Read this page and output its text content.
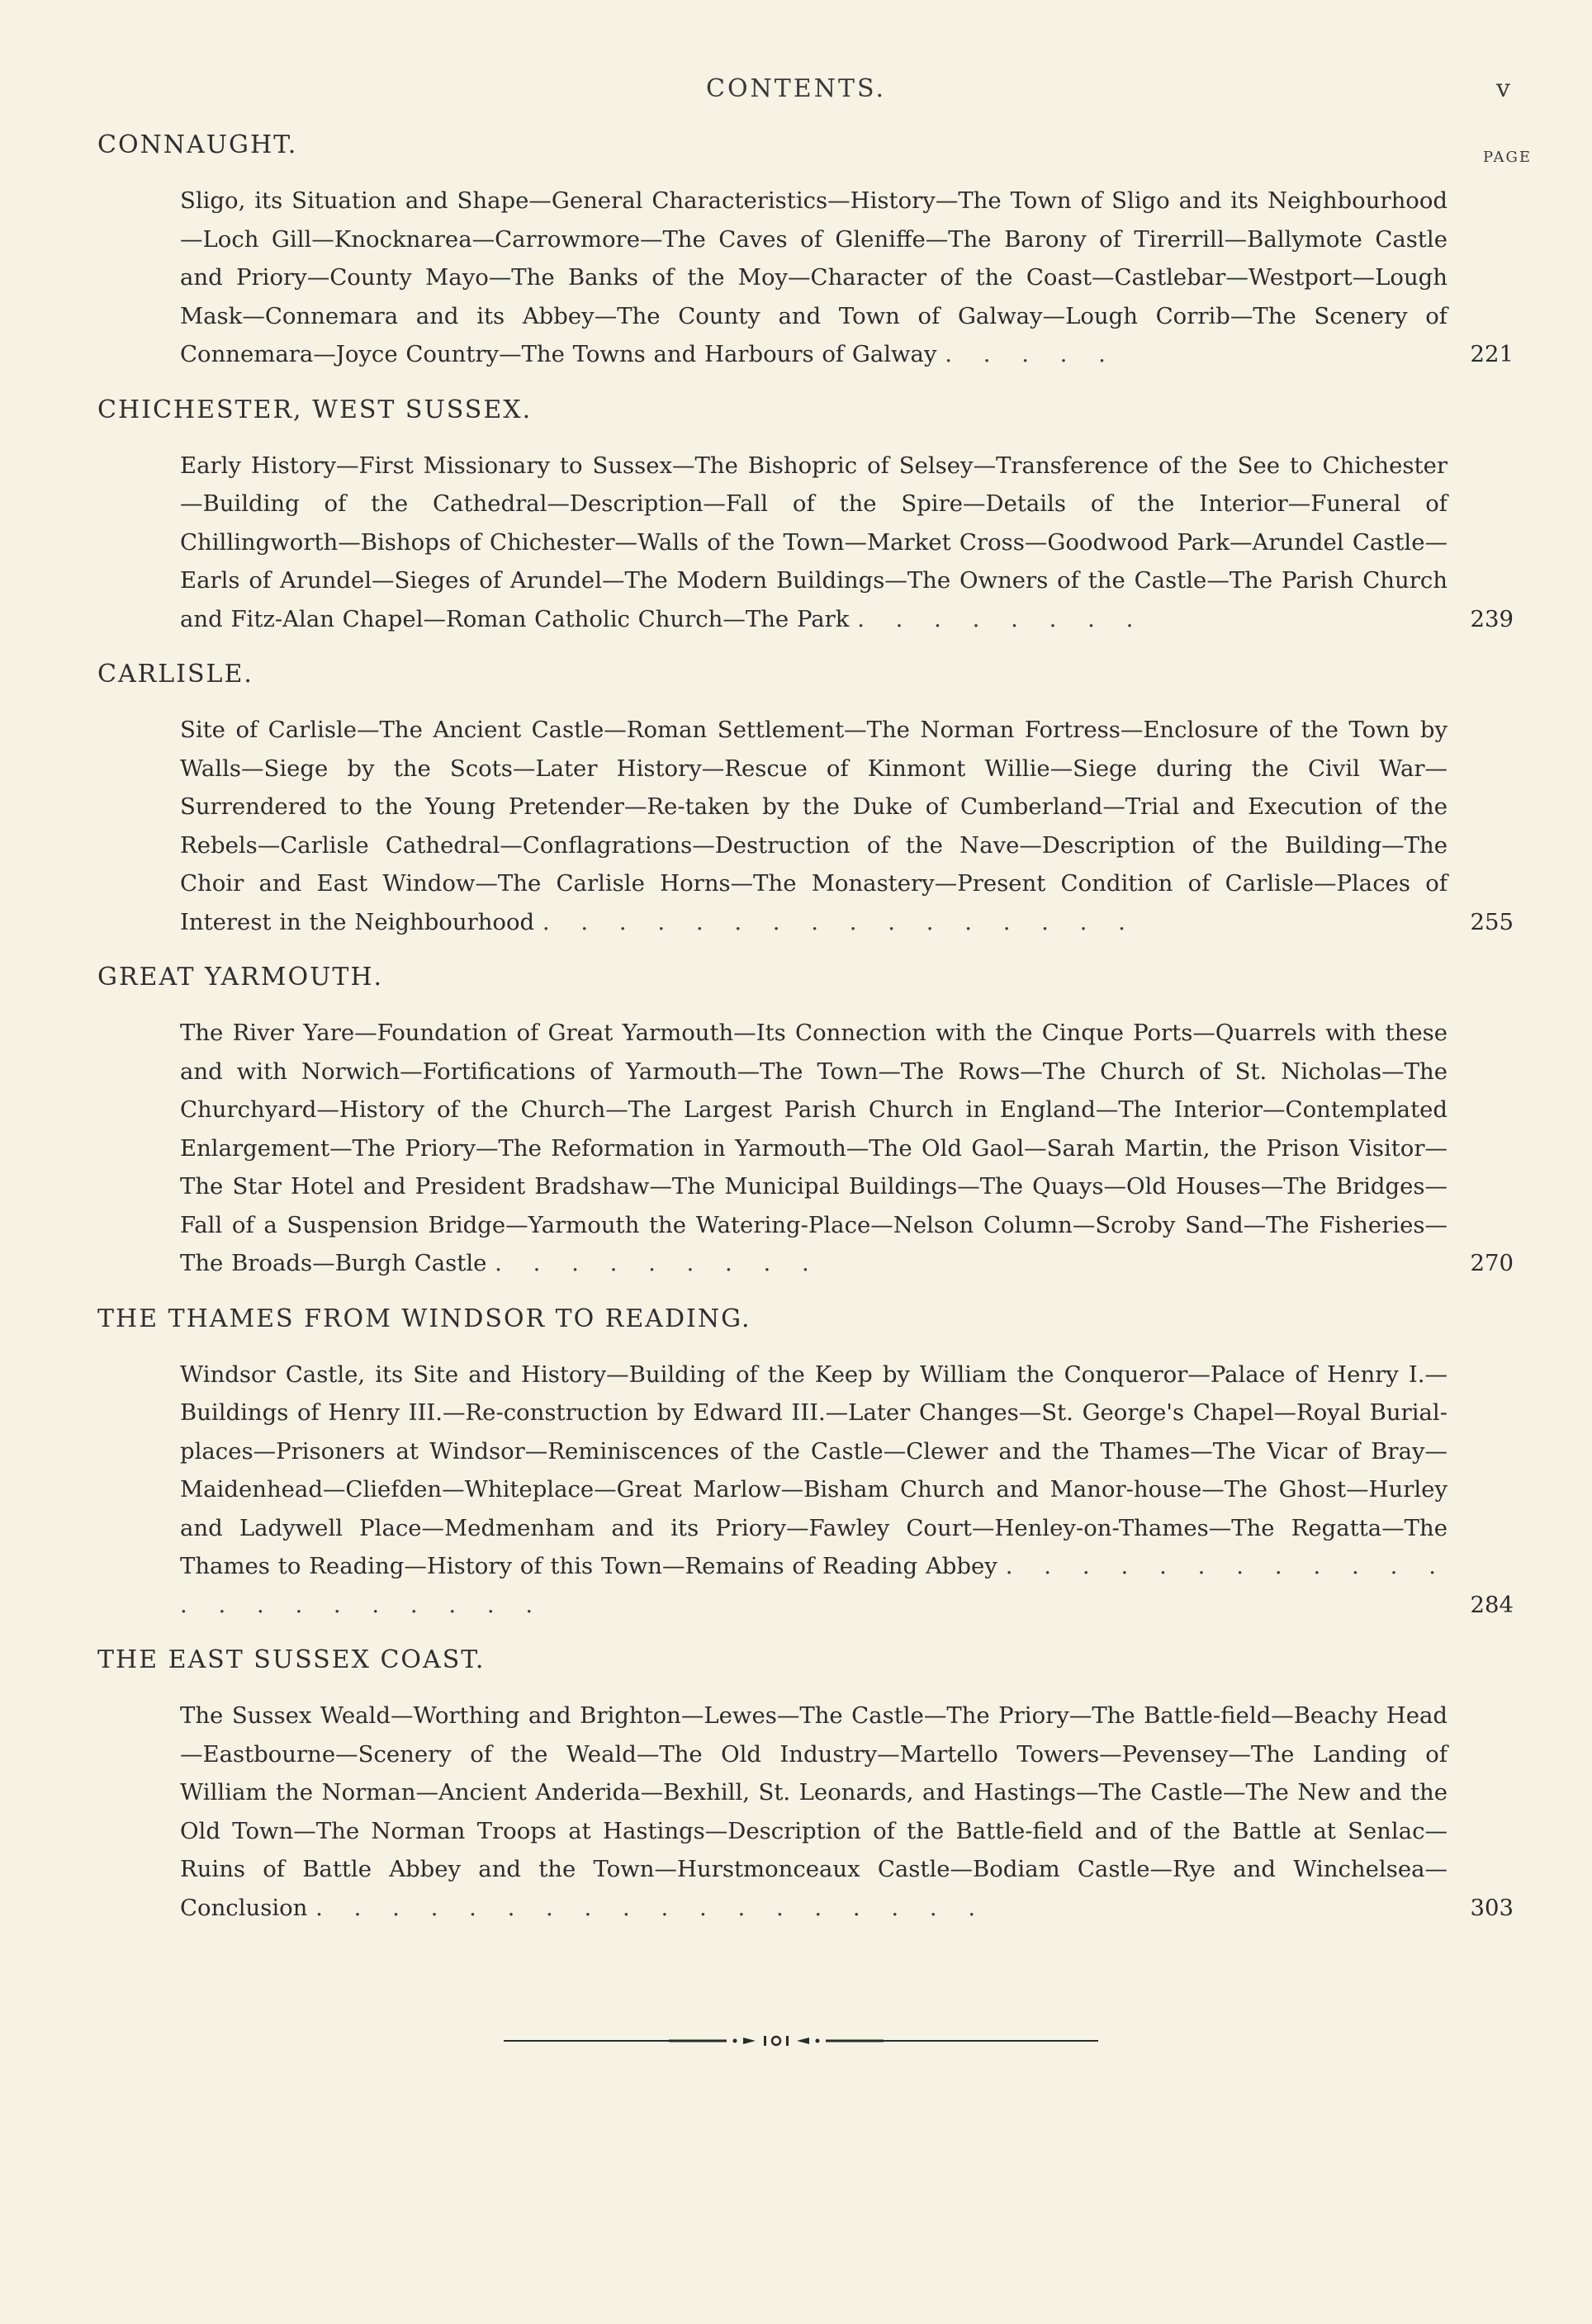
CONTENTS.	v
PAGE
CONNAUGHT.
Sligo, its Situation and Shape—General Characteristics—History—The Town of Sligo and its Neighbourhood—Loch Gill—Knocknarea—Carrowmore—The Caves of Gleniffe—The Barony of Tirerrill—Ballymote Castle and Priory—County Mayo—The Banks of the Moy—Character of the Coast—Castlebar—Westport—Lough Mask—Connemara and its Abbey—The County and Town of Galway—Lough Corrib—The Scenery of Connemara—Joyce Country—The Towns and Harbours of Galway . . . . .	221
CHICHESTER, WEST SUSSEX.
Early History—First Missionary to Sussex—The Bishopric of Selsey—Transference of the See to Chichester—Building of the Cathedral—Description—Fall of the Spire—Details of the Interior—Funeral of Chillingworth—Bishops of Chichester—Walls of the Town—Market Cross—Goodwood Park—Arundel Castle—Earls of Arundel—Sieges of Arundel—The Modern Buildings—The Owners of the Castle—The Parish Church and Fitz-Alan Chapel—Roman Catholic Church—The Park . . . . . . . .	239
CARLISLE.
Site of Carlisle—The Ancient Castle—Roman Settlement—The Norman Fortress—Enclosure of the Town by Walls—Siege by the Scots—Later History—Rescue of Kinmont Willie—Siege during the Civil War—Surrendered to the Young Pretender—Re-taken by the Duke of Cumberland—Trial and Execution of the Rebels—Carlisle Cathedral—Conflagrations—Destruction of the Nave—Description of the Building—The Choir and East Window—The Carlisle Horns—The Monastery—Present Condition of Carlisle—Places of Interest in the Neighbourhood . . . . . . . . . . . . . . . .	255
GREAT YARMOUTH.
The River Yare—Foundation of Great Yarmouth—Its Connection with the Cinque Ports—Quarrels with these and with Norwich—Fortifications of Yarmouth—The Town—The Rows—The Church of St. Nicholas—The Churchyard—History of the Church—The Largest Parish Church in England—The Interior—Contemplated Enlargement—The Priory—The Reformation in Yarmouth—The Old Gaol—Sarah Martin, the Prison Visitor—The Star Hotel and President Bradshaw—The Municipal Buildings—The Quays—Old Houses—The Bridges—Fall of a Suspension Bridge—Yarmouth the Watering-Place—Nelson Column—Scroby Sand—The Fisheries—The Broads—Burgh Castle . . . . . . . . .	270
THE THAMES FROM WINDSOR TO READING.
Windsor Castle, its Site and History—Building of the Keep by William the Conqueror—Palace of Henry I.—Buildings of Henry III.—Re-construction by Edward III.—Later Changes—St. George's Chapel—Royal Burial-places—Prisoners at Windsor—Reminiscences of the Castle—Clewer and the Thames—The Vicar of Bray—Maidenhead—Cliefden—Whiteplace—Great Marlow—Bisham Church and Manor-house—The Ghost—Hurley and Ladywell Place—Medmenham and its Priory—Fawley Court—Henley-on-Thames—The Regatta—The Thames to Reading—History of this Town—Remains of Reading Abbey . . . . . . . . . . . . . . . . . . . . . .	284
THE EAST SUSSEX COAST.
The Sussex Weald—Worthing and Brighton—Lewes—The Castle—The Priory—The Battle-field—Beachy Head—Eastbourne—Scenery of the Weald—The Old Industry—Martello Towers—Pevensey—The Landing of William the Norman—Ancient Anderida—Bexhill, St. Leonards, and Hastings—The Castle—The New and the Old Town—The Norman Troops at Hastings—Description of the Battle-field and of the Battle at Senlac—Ruins of Battle Abbey and the Town—Hurstmonceaux Castle—Bodiam Castle—Rye and Winchelsea—Conclusion . . . . . . . . . . . . . . . . . .	303
